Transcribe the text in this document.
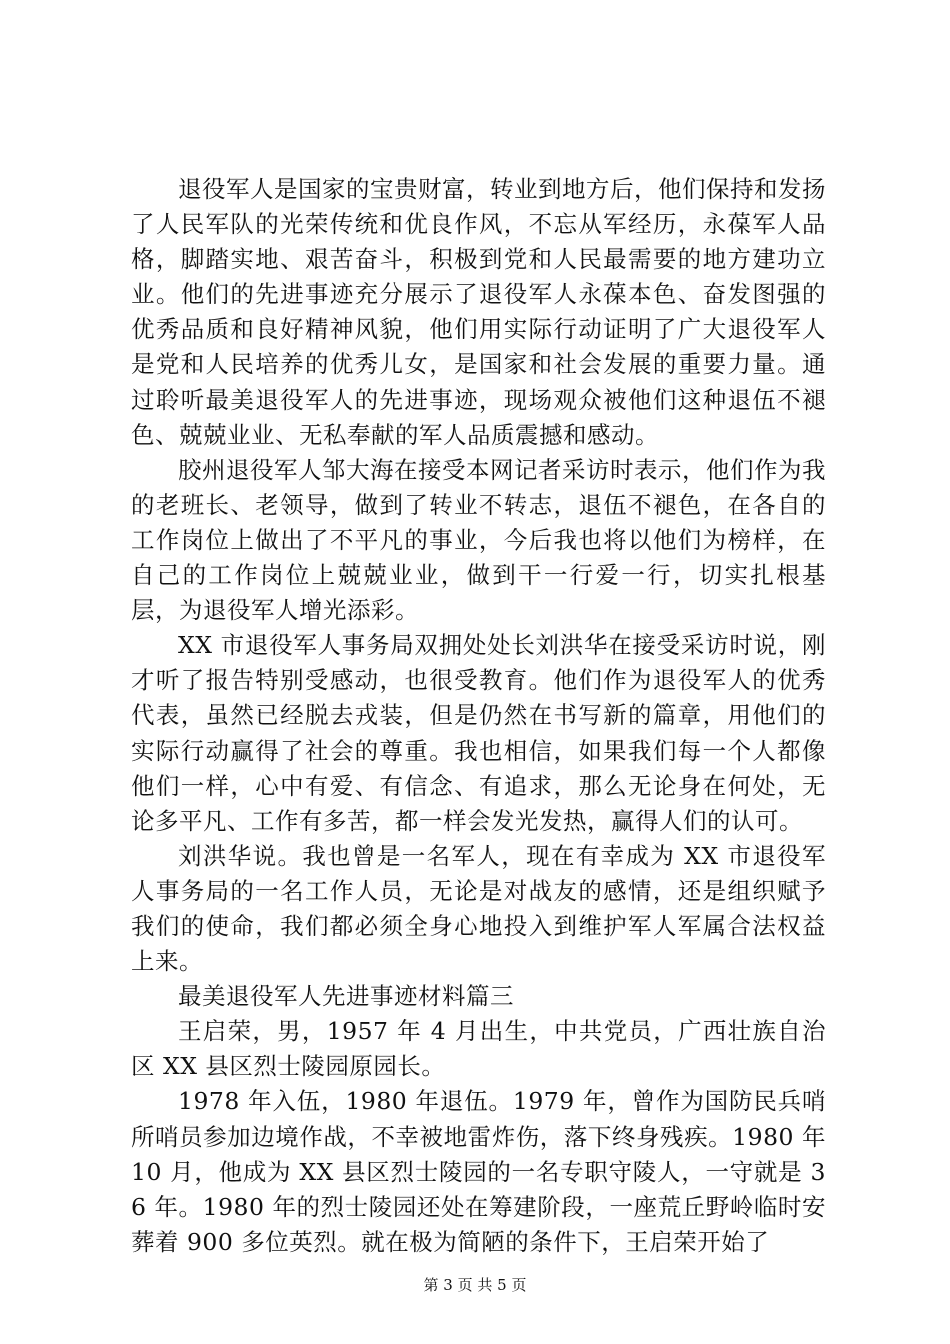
退役军人是国家的宝贵财富，转业到地方后，他们保持和发扬了人民军队的光荣传统和优良作风，不忘从军经历，永葆军人品格，脚踏实地、艰苦奋斗，积极到党和人民最需要的地方建功立业。他们的先进事迹充分展示了退役军人永葆本色、奋发图强的优秀品质和良好精神风貌，他们用实际行动证明了广大退役军人是党和人民培养的优秀儿女，是国家和社会发展的重要力量。通过聆听最美退役军人的先进事迹，现场观众被他们这种退伍不褪色、兢兢业业、无私奉献的军人品质震撼和感动。

胶州退役军人邹大海在接受本网记者采访时表示，他们作为我的老班长、老领导，做到了转业不转志，退伍不褪色，在各自的工作岗位上做出了不平凡的事业，今后我也将以他们为榜样，在自己的工作岗位上兢兢业业，做到干一行爱一行，切实扎根基层，为退役军人增光添彩。

XX 市退役军人事务局双拥处处长刘洪华在接受采访时说，刚才听了报告特别受感动，也很受教育。他们作为退役军人的优秀代表，虽然已经脱去戎装，但是仍然在书写新的篇章，用他们的实际行动赢得了社会的尊重。我也相信，如果我们每一个人都像他们一样，心中有爱、有信念、有追求，那么无论身在何处，无论多平凡、工作有多苦，都一样会发光发热，赢得人们的认可。

刘洪华说。我也曾是一名军人，现在有幸成为 XX 市退役军人事务局的一名工作人员，无论是对战友的感情，还是组织赋予我们的使命，我们都必须全身心地投入到维护军人军属合法权益上来。

最美退役军人先进事迹材料篇三

王启荣，男，1957 年 4 月出生，中共党员，广西壮族自治区 XX 县区烈士陵园原园长。

1978 年入伍，1980 年退伍。1979 年，曾作为国防民兵哨所哨员参加边境作战，不幸被地雷炸伤，落下终身残疾。1980 年 10 月，他成为 XX 县区烈士陵园的一名专职守陵人，一守就是 36 年。1980 年的烈士陵园还处在筹建阶段，一座荒丘野岭临时安葬着 900 多位英烈。就在极为简陋的条件下，王启荣开始了

第 3 页 共 5 页
